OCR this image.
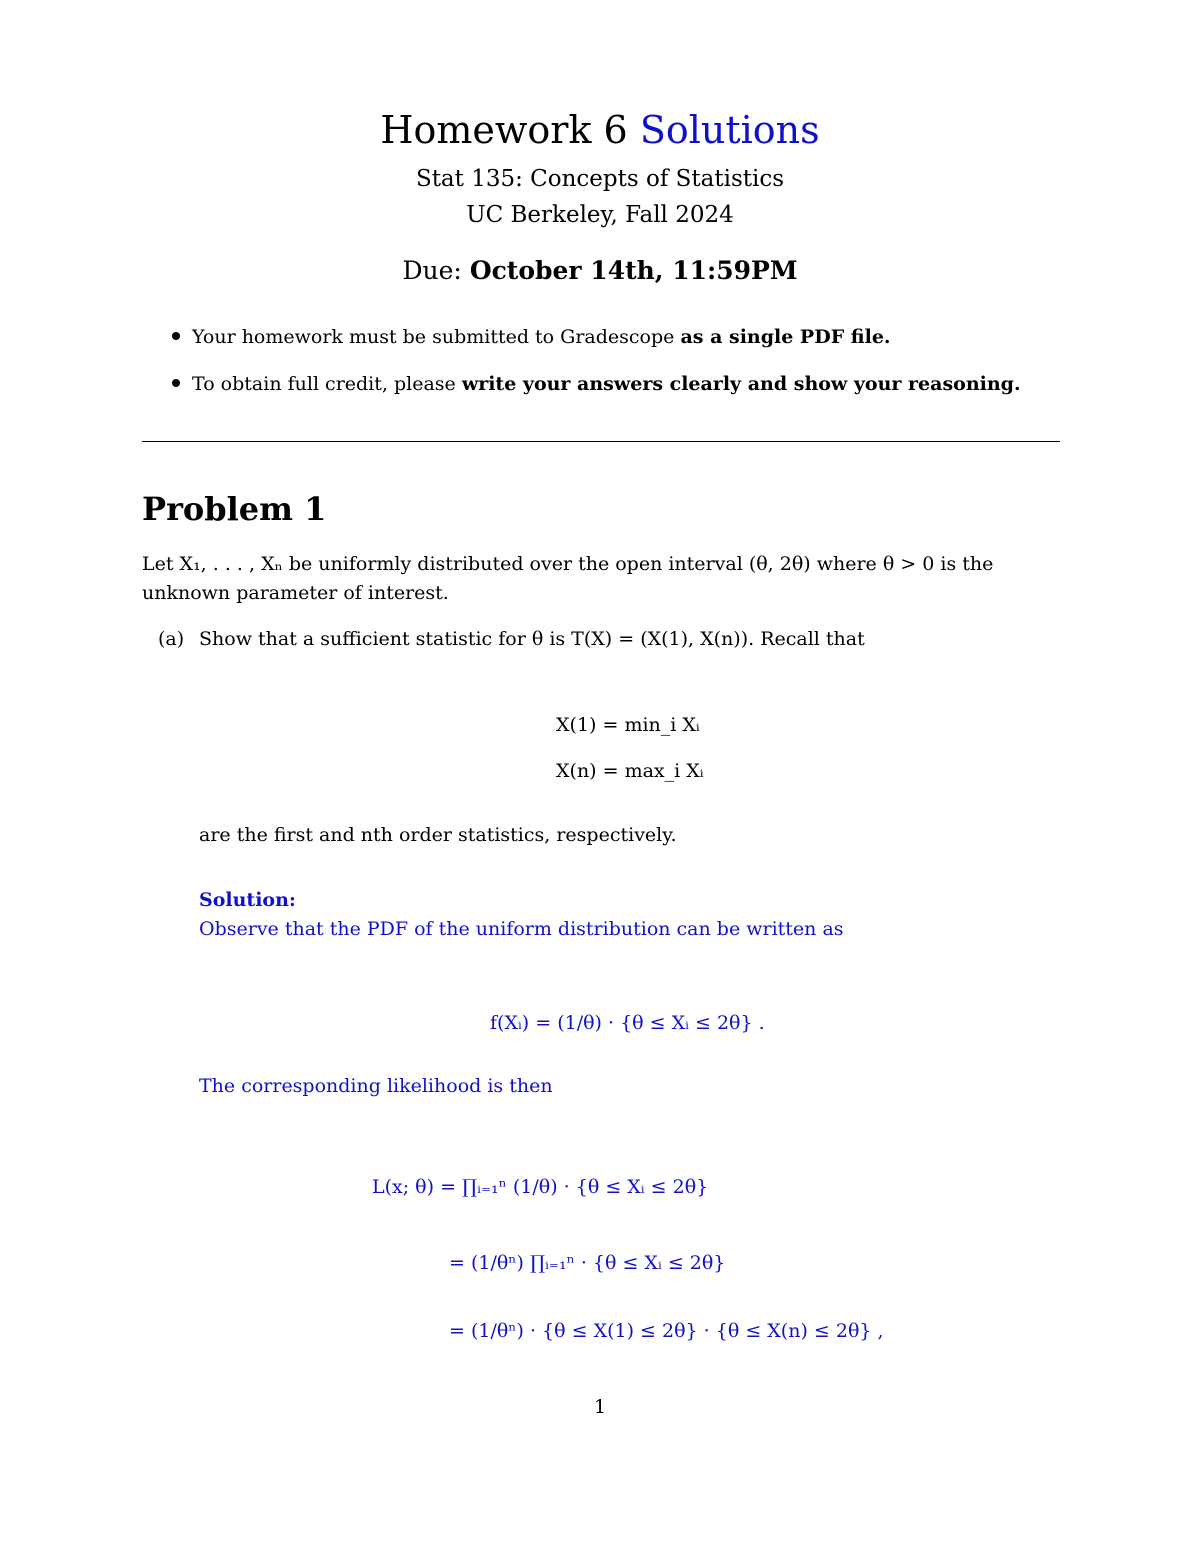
Homework 6 Solutions
Stat 135: Concepts of Statistics
UC Berkeley, Fall 2024
Due: October 14th, 11:59PM
Your homework must be submitted to Gradescope as a single PDF file.
To obtain full credit, please write your answers clearly and show your reasoning.
Problem 1
Let X₁, . . . , Xₙ be uniformly distributed over the open interval (θ, 2θ) where θ > 0 is the
unknown parameter of interest.
(a) Show that a sufficient statistic for θ is T(X) = (X(1), X(n)). Recall that
X(1) = min_i Xᵢ
X(n) = max_i Xᵢ
are the first and nth order statistics, respectively.
Solution:
Observe that the PDF of the uniform distribution can be written as
f(Xᵢ) = (1/θ) · {θ ≤ Xᵢ ≤ 2θ} .
The corresponding likelihood is then
L(x; θ) = ∏ᵢ₌₁ⁿ (1/θ) · {θ ≤ Xᵢ ≤ 2θ}
= (1/θⁿ) ∏ᵢ₌₁ⁿ · {θ ≤ Xᵢ ≤ 2θ}
= (1/θⁿ) · {θ ≤ X(1) ≤ 2θ} · {θ ≤ X(n) ≤ 2θ} ,
1
